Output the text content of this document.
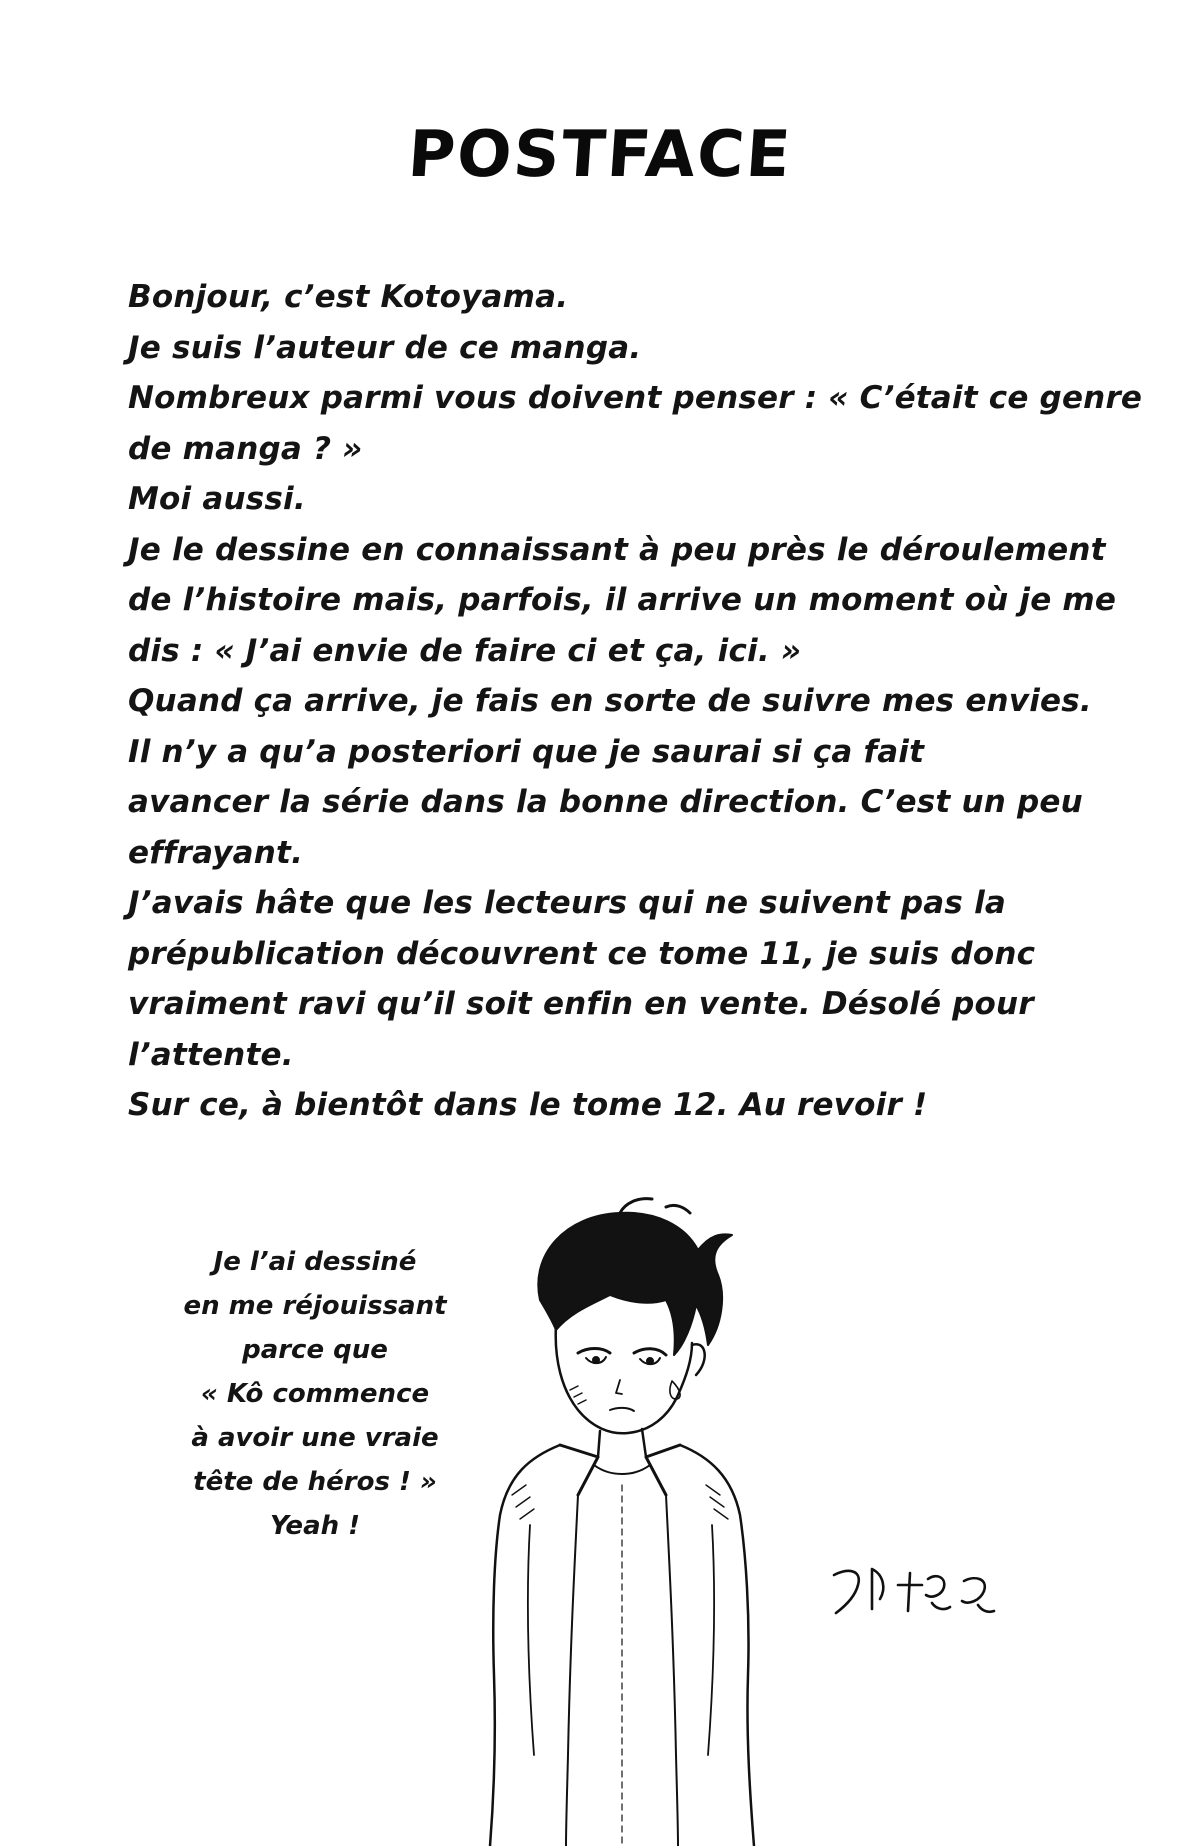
POSTFACE
Bonjour, c’est Kotoyama.
Je suis l’auteur de ce manga.
Nombreux parmi vous doivent penser : « C’était ce genre
de manga ? »
Moi aussi.
Je le dessine en connaissant à peu près le déroulement
de l’histoire mais, parfois, il arrive un moment où je me
dis : « J’ai envie de faire ci et ça, ici. »
Quand ça arrive, je fais en sorte de suivre mes envies.
Il n’y a qu’a posteriori que je saurai si ça fait
avancer la série dans la bonne direction. C’est un peu
effrayant.
J’avais hâte que les lecteurs qui ne suivent pas la
prépublication découvrent ce tome 11, je suis donc
vraiment ravi qu’il soit enfin en vente. Désolé pour
l’attente.
Sur ce, à bientôt dans le tome 12. Au revoir !
Je l’ai dessiné
en me réjouissant
parce que
« Kô commence
à avoir une vraie
tête de héros ! »
Yeah !
